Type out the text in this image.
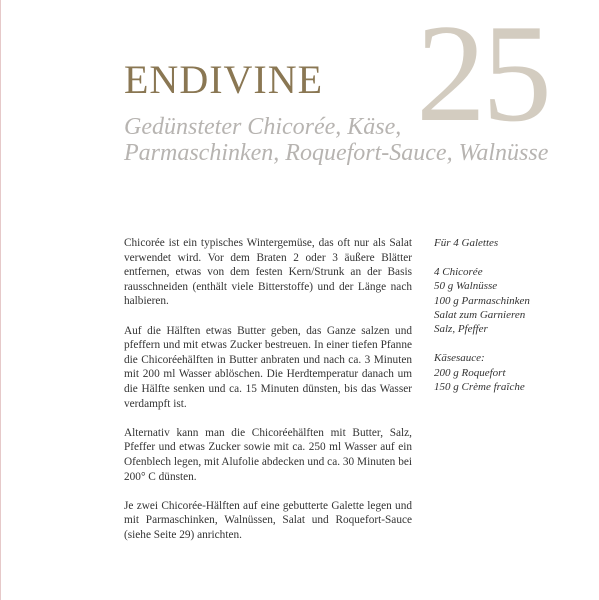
25
ENDIVINE
Gedünsteter Chicorée, Käse,
Parmaschinken, Roquefort-Sauce, Walnüsse

Chicorée ist ein typisches Wintergemüse, das oft nur als Salat verwendet wird. Vor dem Braten 2 oder 3 äußere Blätter entfernen, etwas von dem festen Kern/Strunk an der Basis rausschneiden (enthält viele Bitterstoffe) und der Länge nach halbieren.

Auf die Hälften etwas Butter geben, das Ganze salzen und pfeffern und mit etwas Zucker bestreuen. In einer tiefen Pfanne die Chicoréehälften in Butter anbraten und nach ca. 3 Minuten mit 200 ml Wasser ablöschen. Die Herdtemperatur danach um die Hälfte senken und ca. 15 Minuten dünsten, bis das Wasser verdampft ist.

Alternativ kann man die Chicoréehälften mit Butter, Salz, Pfeffer und etwas Zucker sowie mit ca. 250 ml Wasser auf ein Ofenblech legen, mit Alufolie abdecken und ca. 30 Minuten bei 200° C dünsten.

Je zwei Chicorée-Hälften auf eine gebutterte Galette legen und mit Parmaschinken, Walnüssen, Salat und Roquefort-Sauce (siehe Seite 29) anrichten.

Für 4 Galettes
4 Chicorée
50 g Walnüsse
100 g Parmaschinken
Salat zum Garnieren
Salz, Pfeffer
Käsesauce:
200 g Roquefort
150 g Crème fraîche
